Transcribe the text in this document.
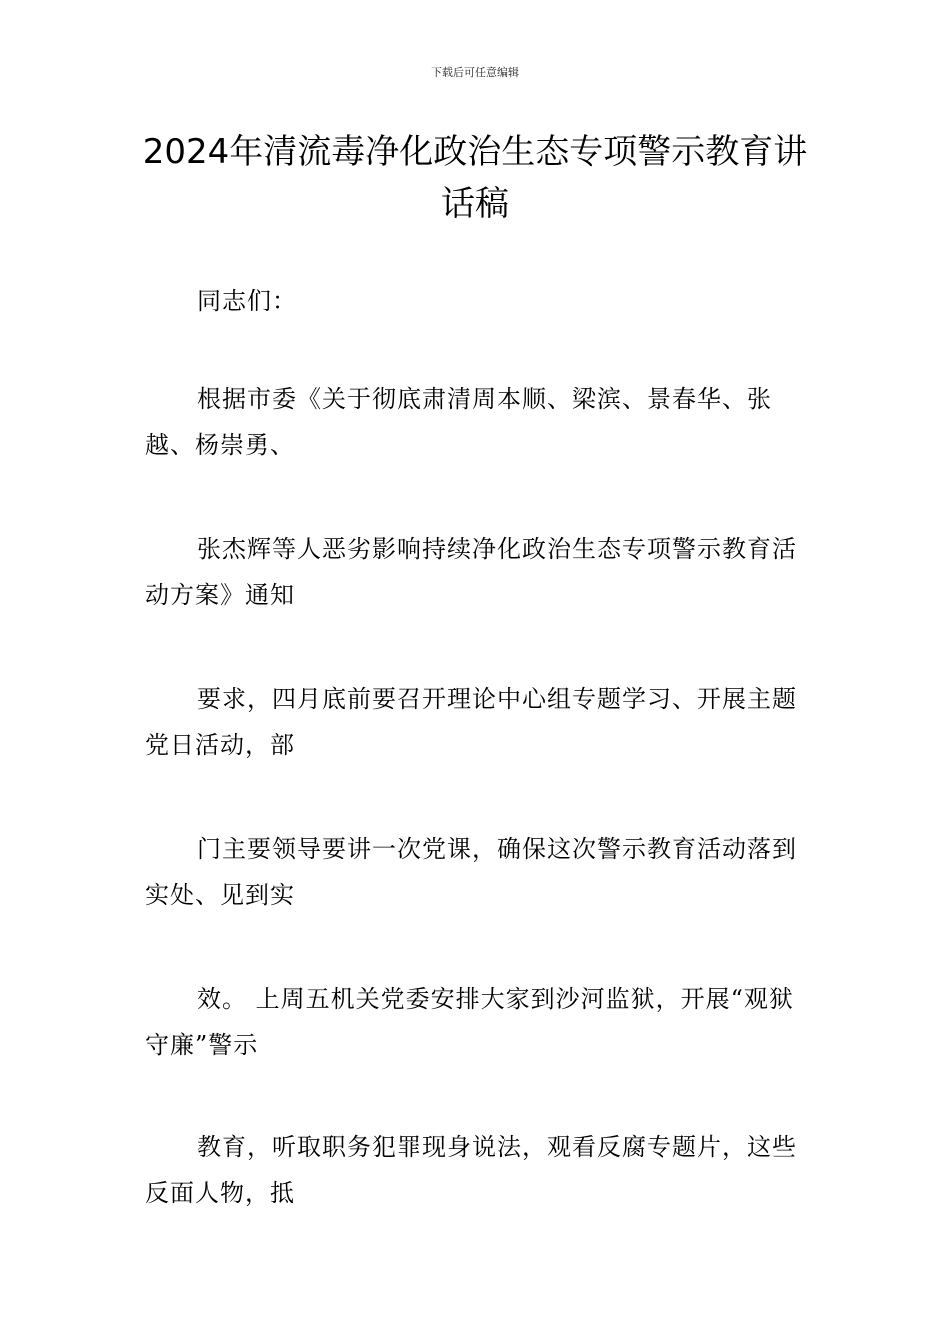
下载后可任意编辑
2024年清流毒净化政治生态专项警示教育讲话稿

同志们：

根据市委《关于彻底肃清周本顺、梁滨、景春华、张越、杨崇勇、

张杰辉等人恶劣影响持续净化政治生态专项警示教育活动方案》通知

要求，四月底前要召开理论中心组专题学习、开展主题党日活动，部

门主要领导要讲一次党课，确保这次警示教育活动落到实处、见到实

效。 上周五机关党委安排大家到沙河监狱，开展“观狱守廉”警示

教育，听取职务犯罪现身说法，观看反腐专题片，这些反面人物，抵
